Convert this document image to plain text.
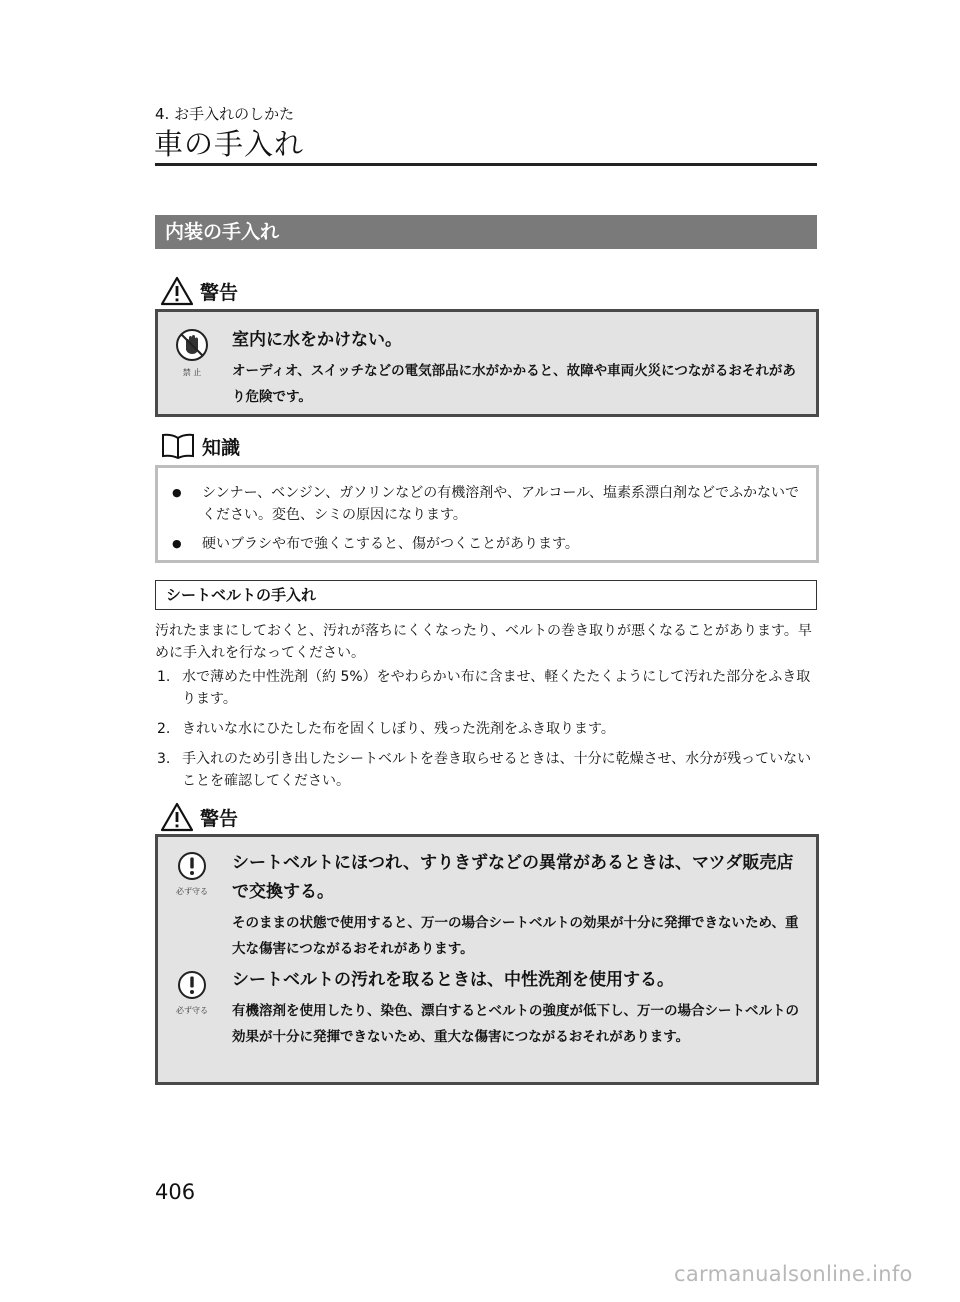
4. お手入れのしかた
車の手入れ
内装の手入れ
警告
禁 止
室内に水をかけない。
オーディオ、スイッチなどの電気部品に水がかかると、故障や車両火災につながるおそれがあり危険です。
知識
● シンナー、ベンジン、ガソリンなどの有機溶剤や、アルコール、塩素系漂白剤などでふかないでください。変色、シミの原因になります。
● 硬いブラシや布で強くこすると、傷がつくことがあります。
シートベルトの手入れ
汚れたままにしておくと、汚れが落ちにくくなったり、ベルトの巻き取りが悪くなることがあります。早めに手入れを行なってください。
1. 水で薄めた中性洗剤（約 5%）をやわらかい布に含ませ、軽くたたくようにして汚れた部分をふき取ります。
2. きれいな水にひたした布を固くしぼり、残った洗剤をふき取ります。
3. 手入れのため引き出したシートベルトを巻き取らせるときは、十分に乾燥させ、水分が残っていないことを確認してください。
警告
必ず守る
シートベルトにほつれ、すりきずなどの異常があるときは、マツダ販売店で交換する。
そのままの状態で使用すると、万一の場合シートベルトの効果が十分に発揮できないため、重大な傷害につながるおそれがあります。
必ず守る
シートベルトの汚れを取るときは、中性洗剤を使用する。
有機溶剤を使用したり、染色、漂白するとベルトの強度が低下し、万一の場合シートベルトの効果が十分に発揮できないため、重大な傷害につながるおそれがあります。
406
carmanualsonline.info
